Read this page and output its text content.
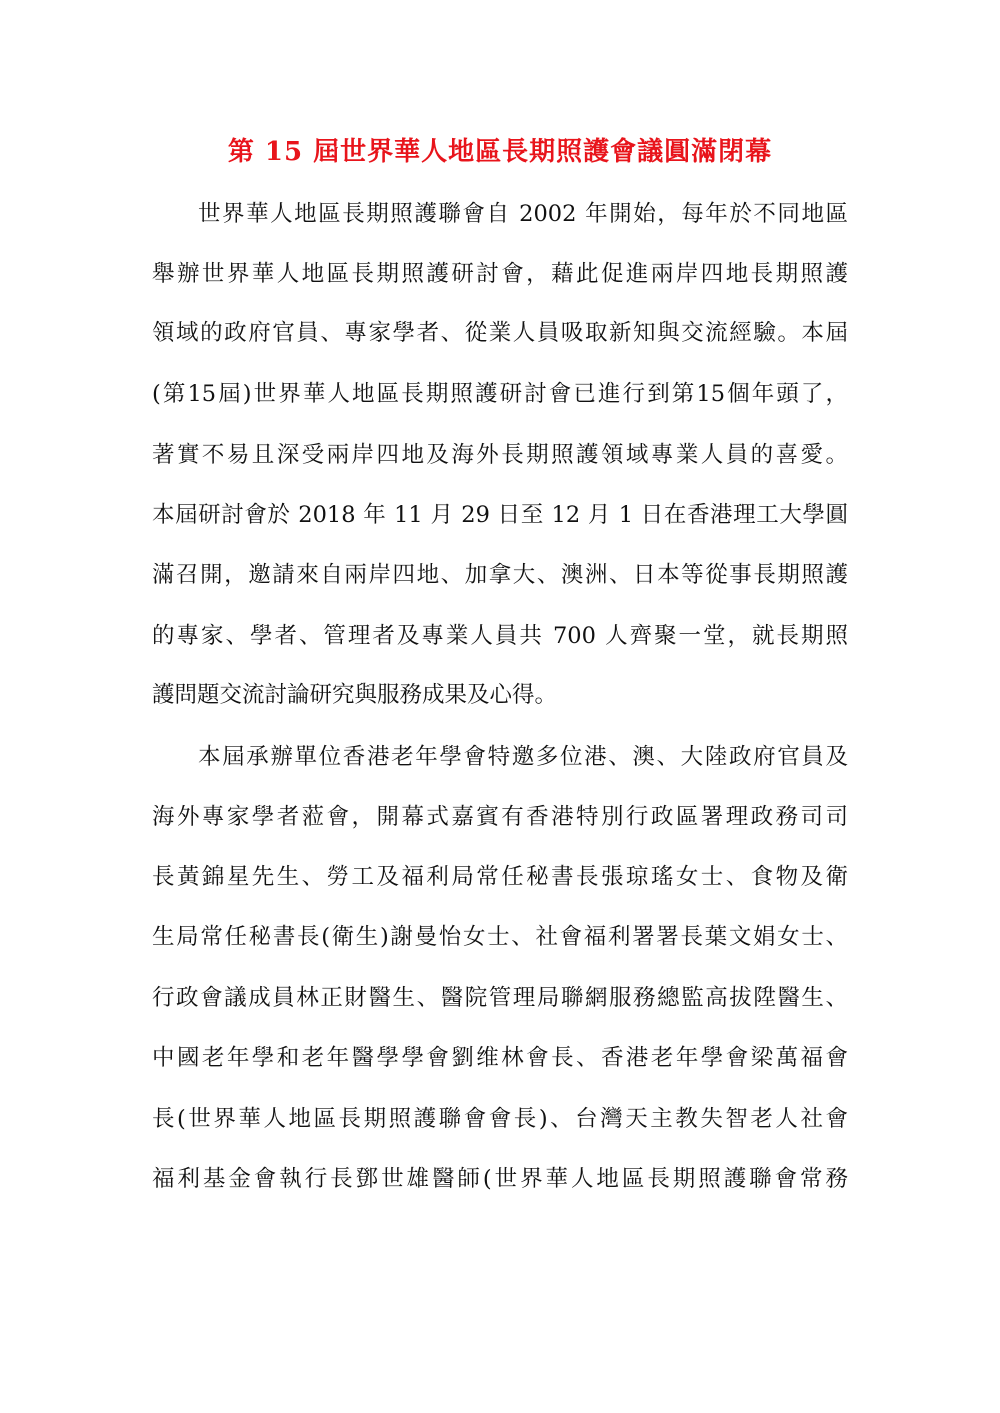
第 15 屆世界華人地區長期照護會議圓滿閉幕
世界華人地區長期照護聯會自 2002 年開始，每年於不同地區
舉辦世界華人地區長期照護研討會，藉此促進兩岸四地長期照護
領域的政府官員、專家學者、從業人員吸取新知與交流經驗。本屆
(第15屆)世界華人地區長期照護研討會已進行到第15個年頭了，
著實不易且深受兩岸四地及海外長期照護領域專業人員的喜愛。
本屆研討會於 2018 年 11 月 29 日至 12 月 1 日在香港理工大學圓
滿召開，邀請來自兩岸四地、加拿大、澳洲、日本等從事長期照護
的專家、學者、管理者及專業人員共 700 人齊聚一堂，就長期照
護問題交流討論研究與服務成果及心得。
本屆承辦單位香港老年學會特邀多位港、澳、大陸政府官員及
海外專家學者蒞會，開幕式嘉賓有香港特別行政區署理政務司司
長黃錦星先生、勞工及福利局常任秘書長張琼瑤女士、食物及衛
生局常任秘書長(衛生)謝曼怡女士、社會福利署署長葉文娟女士、
行政會議成員林正財醫生、醫院管理局聯網服務總監高拔陞醫生、
中國老年學和老年醫學學會劉维林會長、香港老年學會梁萬福會
長(世界華人地區長期照護聯會會長)、台灣天主教失智老人社會
福利基金會執行長鄧世雄醫師(世界華人地區長期照護聯會常務
